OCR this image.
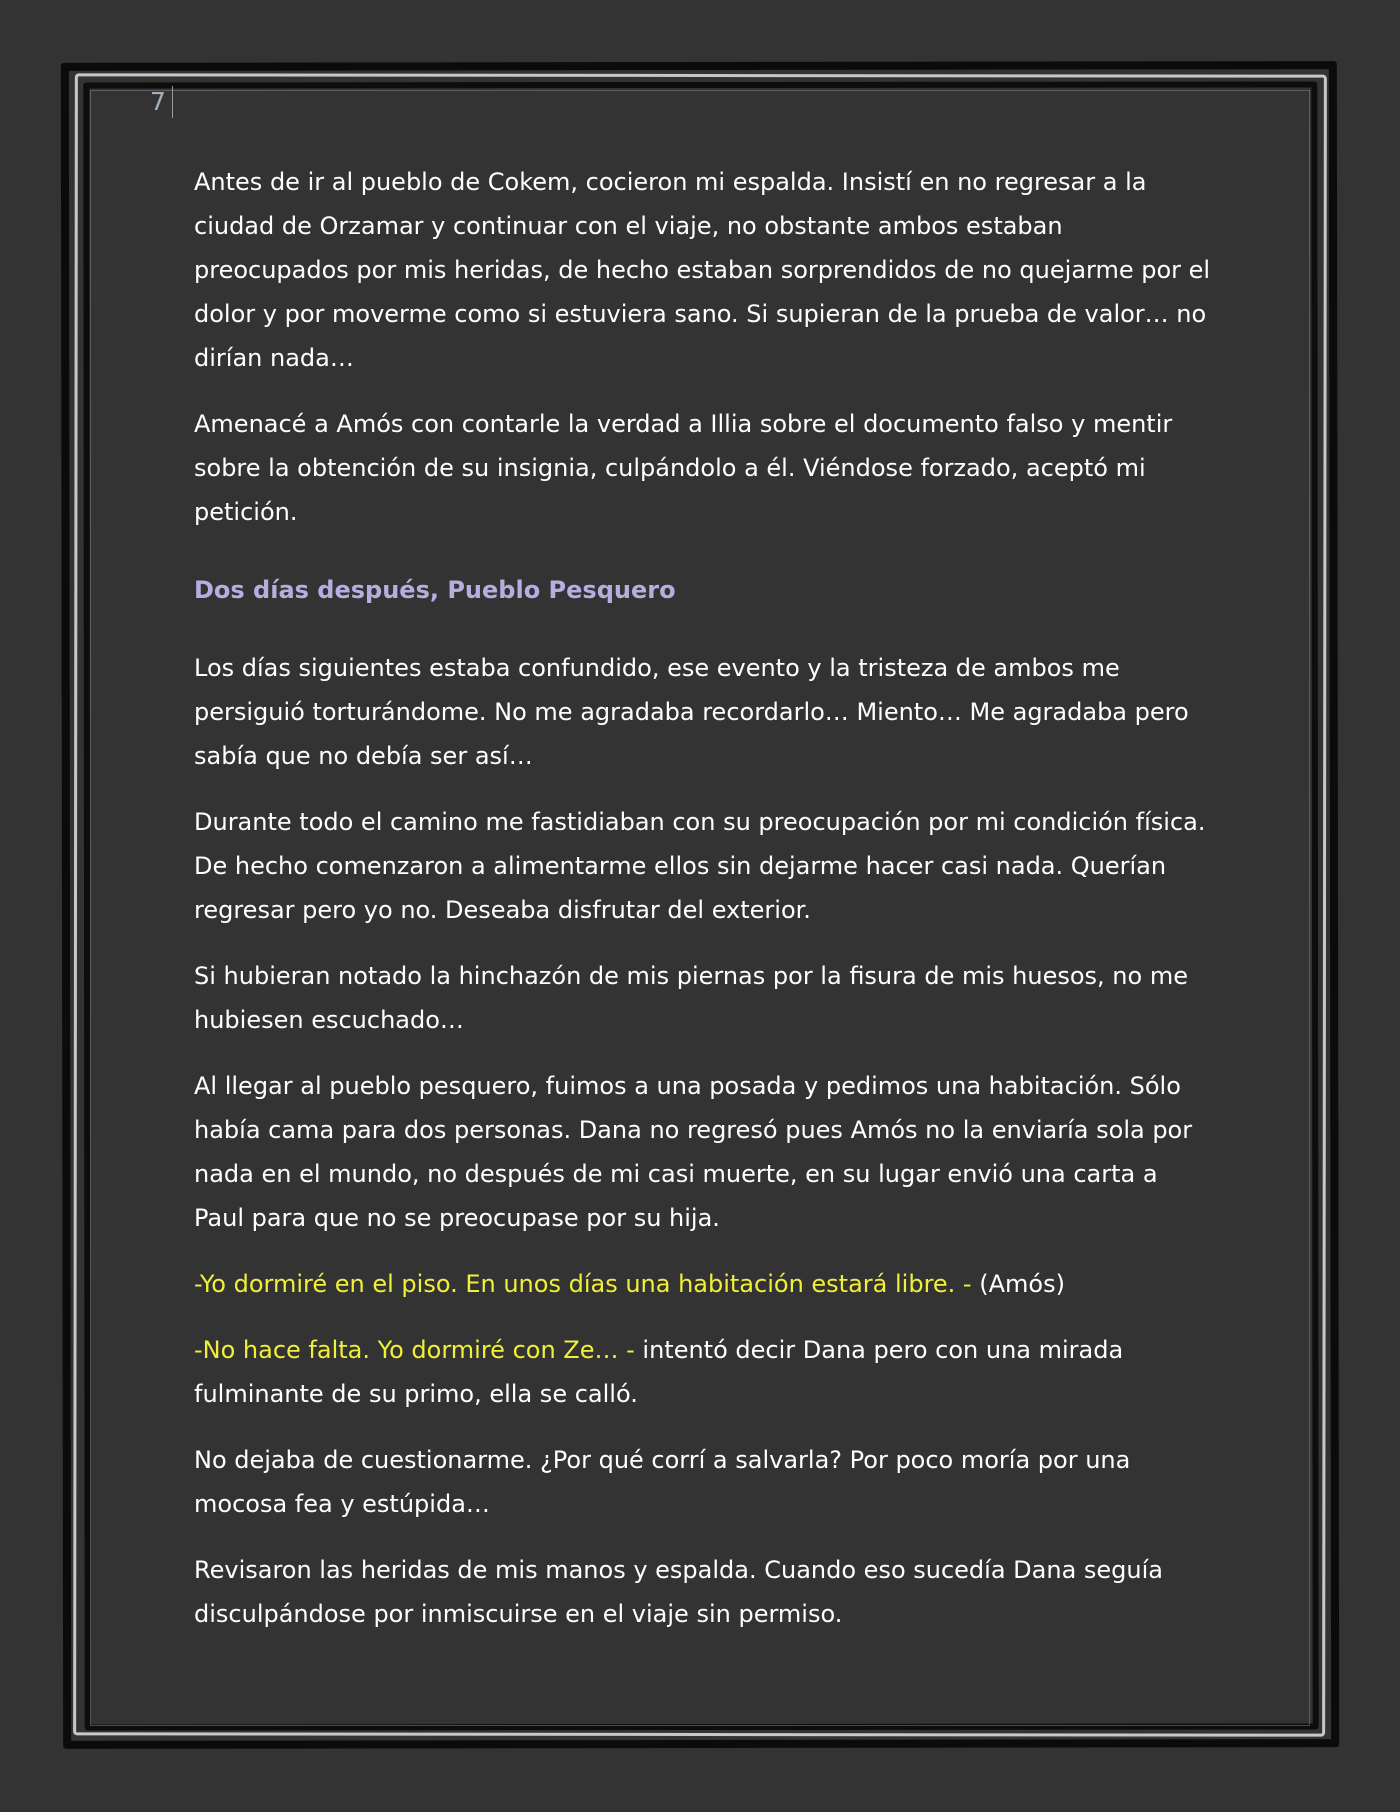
7

Antes de ir al pueblo de Cokem, cocieron mi espalda. Insistí en no regresar a la ciudad de Orzamar y continuar con el viaje, no obstante ambos estaban preocupados por mis heridas, de hecho estaban sorprendidos de no quejarme por el dolor y por moverme como si estuviera sano. Si supieran de la prueba de valor… no dirían nada…

Amenacé a Amós con contarle la verdad a Illia sobre el documento falso y mentir sobre la obtención de su insignia, culpándolo a él. Viéndose forzado, aceptó mi petición.

Dos días después, Pueblo Pesquero

Los días siguientes estaba confundido, ese evento y la tristeza de ambos me persiguió torturándome. No me agradaba recordarlo… Miento… Me agradaba pero sabía que no debía ser así…

Durante todo el camino me fastidiaban con su preocupación por mi condición física. De hecho comenzaron a alimentarme ellos sin dejarme hacer casi nada. Querían regresar pero yo no. Deseaba disfrutar del exterior.

Si hubieran notado la hinchazón de mis piernas por la fisura de mis huesos, no me hubiesen escuchado…

Al llegar al pueblo pesquero, fuimos a una posada y pedimos una habitación. Sólo había cama para dos personas. Dana no regresó pues Amós no la enviaría sola por nada en el mundo, no después de mi casi muerte, en su lugar envió una carta a Paul para que no se preocupase por su hija.

-Yo dormiré en el piso. En unos días una habitación estará libre. - (Amós)

-No hace falta. Yo dormiré con Ze… - intentó decir Dana pero con una mirada fulminante de su primo, ella se calló.

No dejaba de cuestionarme. ¿Por qué corrí a salvarla? Por poco moría por una mocosa fea y estúpida…

Revisaron las heridas de mis manos y espalda. Cuando eso sucedía Dana seguía disculpándose por inmiscuirse en el viaje sin permiso.
